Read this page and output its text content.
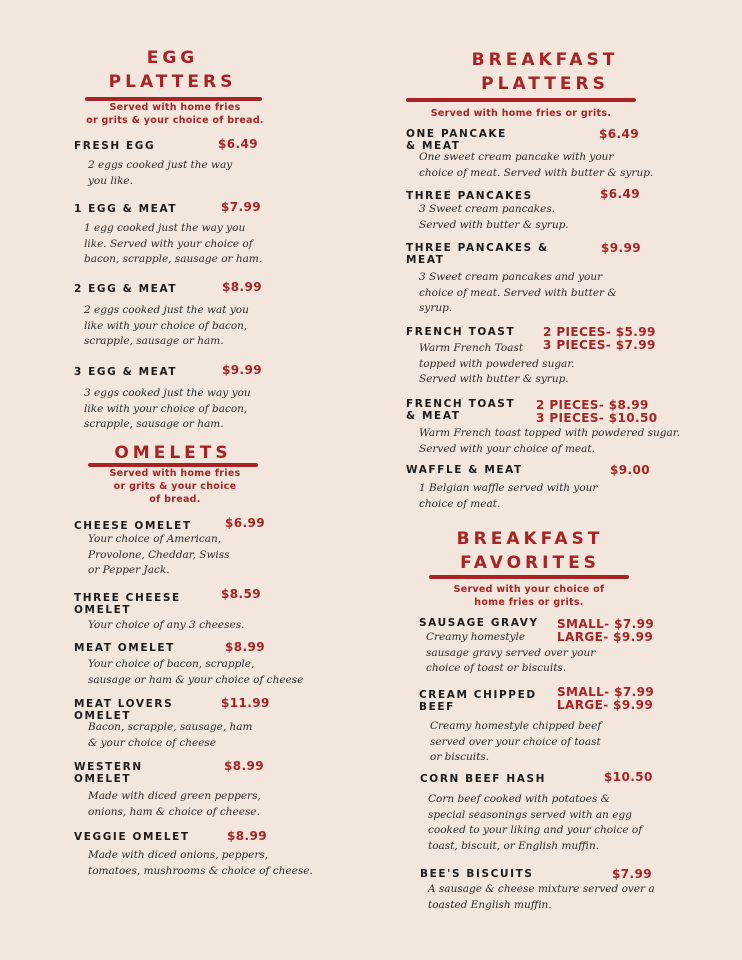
EGG
PLATTERS
Served with home fries
or grits & your choice of bread.
FRESH EGG	$6.49
2 eggs cooked just the way
you like.
1 EGG & MEAT	$7.99
1 egg cooked just the way you
like. Served with your choice of
bacon, scrapple, sausage or ham.
2 EGG & MEAT	$8.99
2 eggs cooked just the wat you
like with your choice of bacon,
scrapple, sausage or ham.
3 EGG & MEAT	$9.99
3 eggs cooked just the way you
like with your choice of bacon,
scrapple, sausage or ham.
OMELETS
Served with home fries
or grits & your choice
of bread.
CHEESE OMELET	$6.99
Your choice of American,
Provolone, Cheddar, Swiss
or Pepper Jack.
THREE CHEESE
OMELET
$8.59
Your choice of any 3 cheeses.
MEAT OMELET	$8.99
Your choice of bacon, scrapple,
sausage or ham & your choice of cheese
MEAT LOVERS
OMELET
$11.99
Bacon, scrapple, sausage, ham
& your choice of cheese
WESTERN
OMELET
$8.99
Made with diced green peppers,
onions, ham & choice of cheese.
VEGGIE OMELET	$8.99
Made with diced onions, peppers,
tomatoes, mushrooms & choice of cheese.
BREAKFAST
PLATTERS
Served with home fries or grits.
ONE PANCAKE
& MEAT
$6.49
One sweet cream pancake with your
choice of meat. Served with butter & syrup.
THREE PANCAKES	$6.49
3 Sweet cream pancakes.
Served with butter & syrup.
THREE PANCAKES &
MEAT
$9.99
3 Sweet cream pancakes and your
choice of meat. Served with butter &
syrup.
FRENCH TOAST 2 PIECES- $5.99
3 PIECES- $7.99
Warm French Toast
topped with powdered sugar.
Served with butter & syrup.
FRENCH TOAST
& MEAT
2 PIECES- $8.99
3 PIECES- $10.50
Warm French toast topped with powdered sugar.
Served with your choice of meat.
WAFFLE & MEAT	$9.00
1 Belgian waffle served with your
choice of meat.
BREAKFAST
FAVORITES
Served with your choice of
home fries or grits.
SAUSAGE GRAVY SMALL- $7.99
LARGE- $9.99
Creamy homestyle
sausage gravy served over your
choice of toast or biscuits.
CREAM CHIPPED
BEEF
SMALL- $7.99
LARGE- $9.99
Creamy homestyle chipped beef
served over your choice of toast
or biscuits.
CORN BEEF HASH	$10.50
Corn beef cooked with potatoes &
special seasonings served with an egg
cooked to your liking and your choice of
toast, biscuit, or English muffin.
BEE'S BISCUITS	$7.99
A sausage & cheese mixture served over a
toasted English muffin.
